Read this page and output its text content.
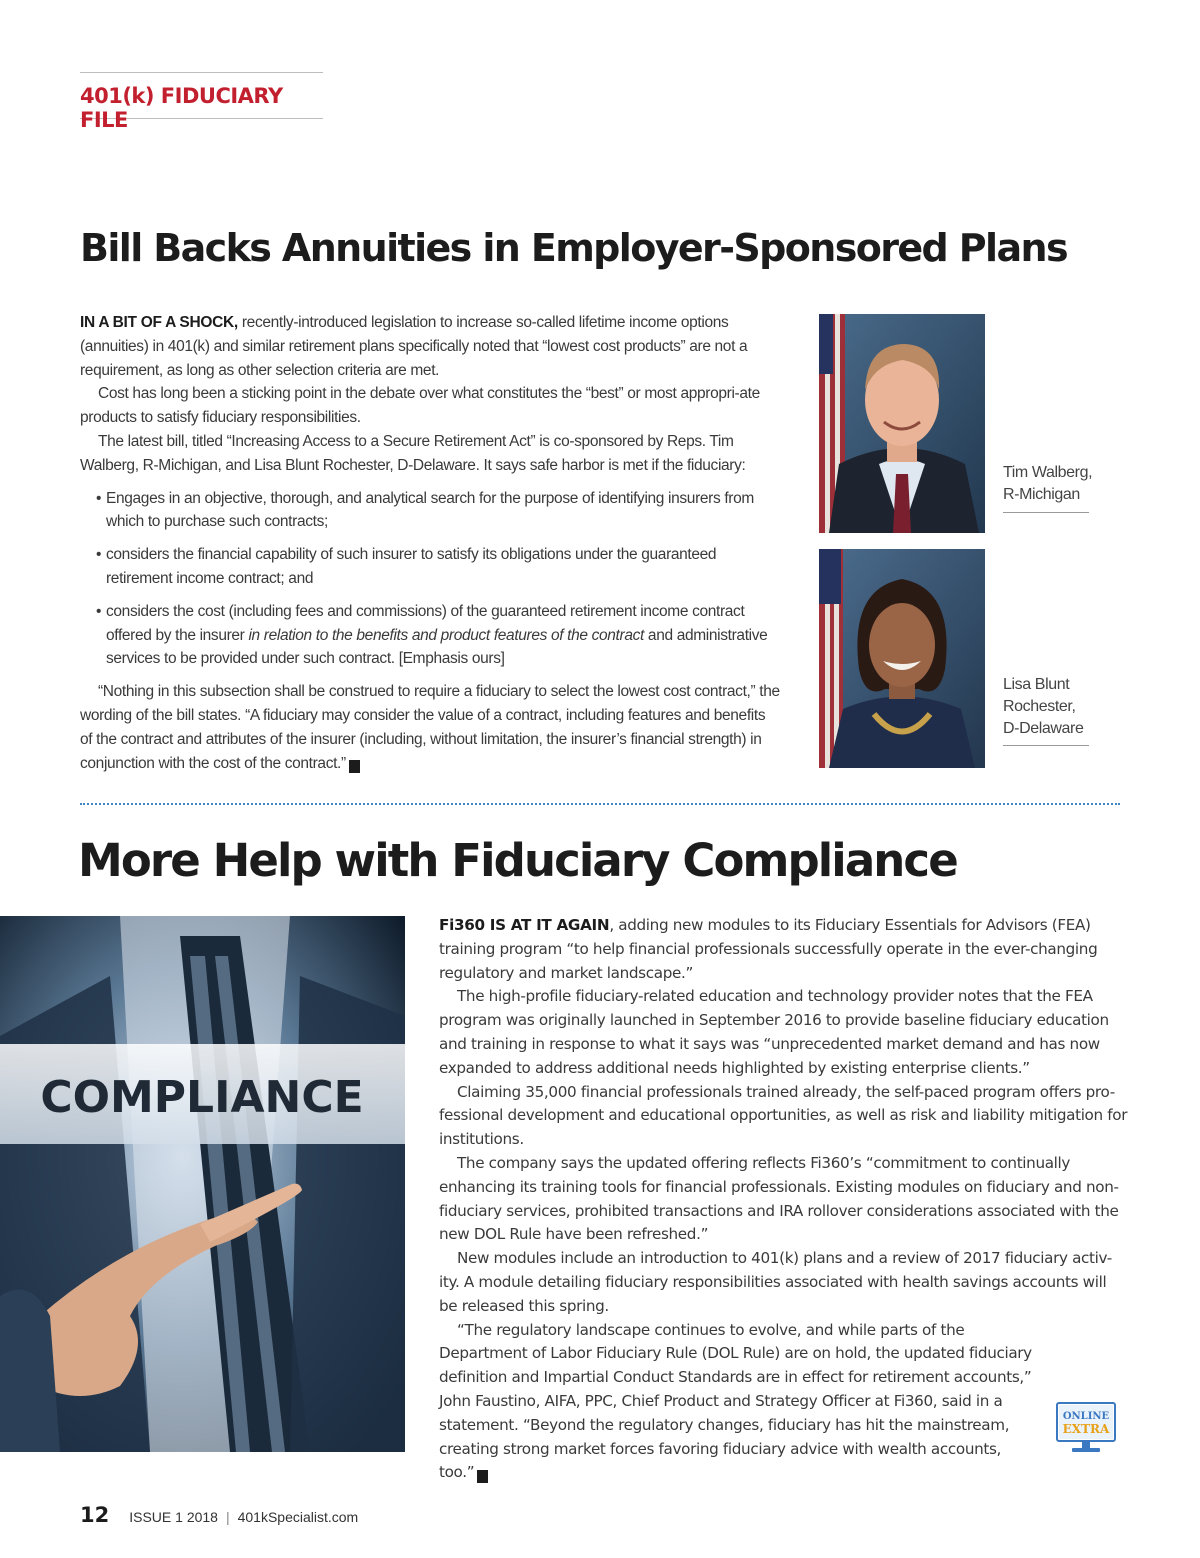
401(k) FIDUCIARY FILE
Bill Backs Annuities in Employer-Sponsored Plans

IN A BIT OF A SHOCK, recently-introduced legislation to increase so-called lifetime income options (annuities) in 401(k) and similar retirement plans specifically noted that “lowest cost products” are not a requirement, as long as other selection criteria are met.

Cost has long been a sticking point in the debate over what constitutes the “best” or most appropri-ate products to satisfy fiduciary responsibilities.

The latest bill, titled “Increasing Access to a Secure Retirement Act” is co-sponsored by Reps. Tim Walberg, R-Michigan, and Lisa Blunt Rochester, D-Delaware. It says safe harbor is met if the fiduciary:

• Engages in an objective, thorough, and analytical search for the purpose of identifying insurers from which to purchase such contracts;

• considers the financial capability of such insurer to satisfy its obligations under the guaranteed retirement income contract; and

• considers the cost (including fees and commissions) of the guaranteed retirement income contract offered by the insurer in relation to the benefits and product features of the contract and administrative services to be provided under such contract. [Emphasis ours]

“Nothing in this subsection shall be construed to require a fiduciary to select the lowest cost contract,” the wording of the bill states. “A fiduciary may consider the value of a contract, including features and benefits of the contract and attributes of the insurer (including, without limitation, the insurer’s financial strength) in conjunction with the cost of the contract.” K

Tim Walberg,
R-Michigan
Lisa Blunt
Rochester,
D-Delaware
More Help with Fiduciary Compliance
COMPLIANCE

Fi360 IS AT IT AGAIN, adding new modules to its Fiduciary Essentials for Advisors (FEA) training program “to help financial professionals successfully operate in the ever-changing regulatory and market landscape.”

The high-profile fiduciary-related education and technology provider notes that the FEA program was originally launched in September 2016 to provide baseline fiduciary education and training in response to what it says was “unprecedented market demand and has now expanded to address additional needs highlighted by existing enterprise clients.”

Claiming 35,000 financial professionals trained already, the self-paced program offers pro-fessional development and educational opportunities, as well as risk and liability mitigation for institutions.

The company says the updated offering reflects Fi360’s “commitment to continually enhancing its training tools for financial professionals. Existing modules on fiduciary and non-fiduciary services, prohibited transactions and IRA rollover considerations associated with the new DOL Rule have been refreshed.”

New modules include an introduction to 401(k) plans and a review of 2017 fiduciary activ-ity. A module detailing fiduciary responsibilities associated with health savings accounts will be released this spring.

“The regulatory landscape continues to evolve, and while parts of the Department of Labor Fiduciary Rule (DOL Rule) are on hold, the updated fiduciary definition and Impartial Conduct Standards are in effect for retirement accounts,” John Faustino, AIFA, PPC, Chief Product and Strategy Officer at Fi360, said in a statement. “Beyond the regulatory changes, fiduciary has hit the mainstream, creating strong market forces favoring fiduciary advice with wealth accounts, too.” K

ONLINE
EXTRA
12 ISSUE 1 2018 | 401kSpecialist.com
